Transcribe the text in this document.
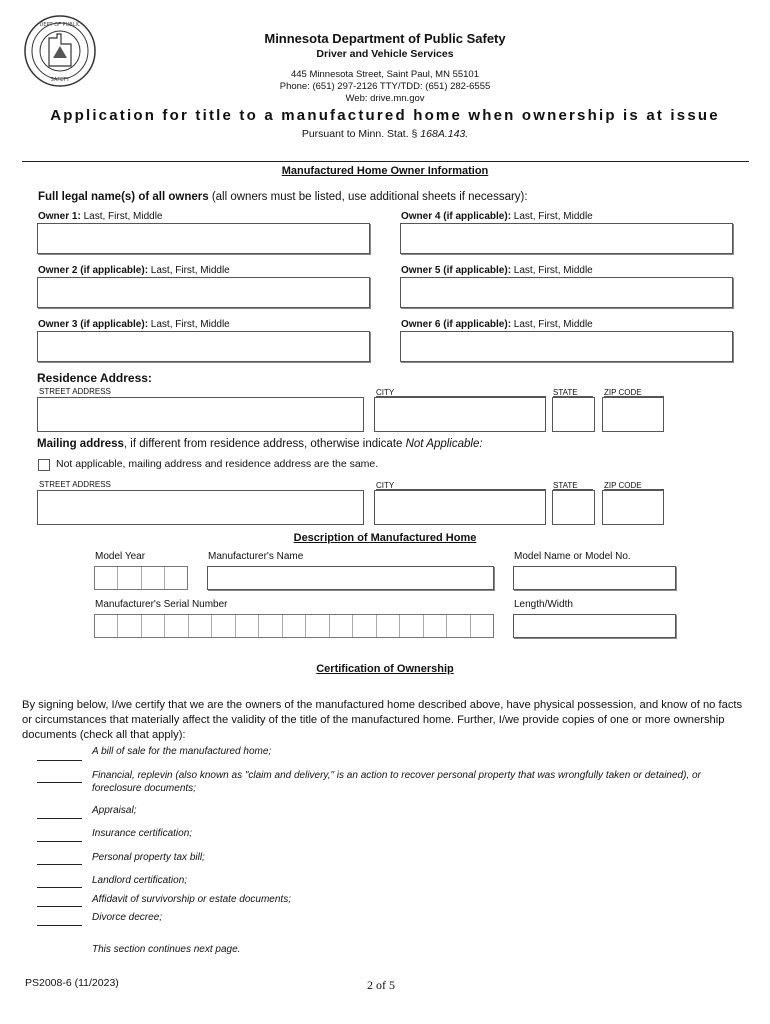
DEPT OF PUBLIC
SAFETY
Minnesota Department of Public Safety
Driver and Vehicle Services
445 Minnesota Street, Saint Paul, MN 55101
Phone: (651) 297-2126 TTY/TDD: (651) 282-6555
Web: drive.mn.gov
Application for title to a manufactured home when ownership is at issue
Pursuant to Minn. Stat. § 168A.143.
Manufactured Home Owner Information
Full legal name(s) of all owners (all owners must be listed, use additional sheets if necessary):
Owner 1: Last, First, Middle	Owner 4 (if applicable): Last, First, Middle
Owner 2 (if applicable): Last, First, Middle	Owner 5 (if applicable): Last, First, Middle
Owner 3 (if applicable): Last, First, Middle	Owner 6 (if applicable): Last, First, Middle
Residence Address:
STREET ADDRESS	CITY	STATE	ZIP CODE
Mailing address, if different from residence address, otherwise indicate Not Applicable:
Not applicable, mailing address and residence address are the same.
STREET ADDRESS	CITY	STATE	ZIP CODE
Description of Manufactured Home
Model Year	Manufacturer's Name	Model Name or Model No.
Manufacturer's Serial Number	Length/Width
Certification of Ownership
By signing below, I/we certify that we are the owners of the manufactured home described above, have physical possession, and know of no facts or circumstances that materially affect the validity of the title of the manufactured home. Further, I/we provide copies of one or more ownership documents (check all that apply):
A bill of sale for the manufactured home;
Financial, replevin (also known as "claim and delivery," is an action to recover personal property that was wrongfully taken or detained), or foreclosure documents;
Appraisal;
Insurance certification;
Personal property tax bill;
Landlord certification;
Affidavit of survivorship or estate documents;
Divorce decree;
This section continues next page.
PS2008-6 (11/2023)	2 of 5
